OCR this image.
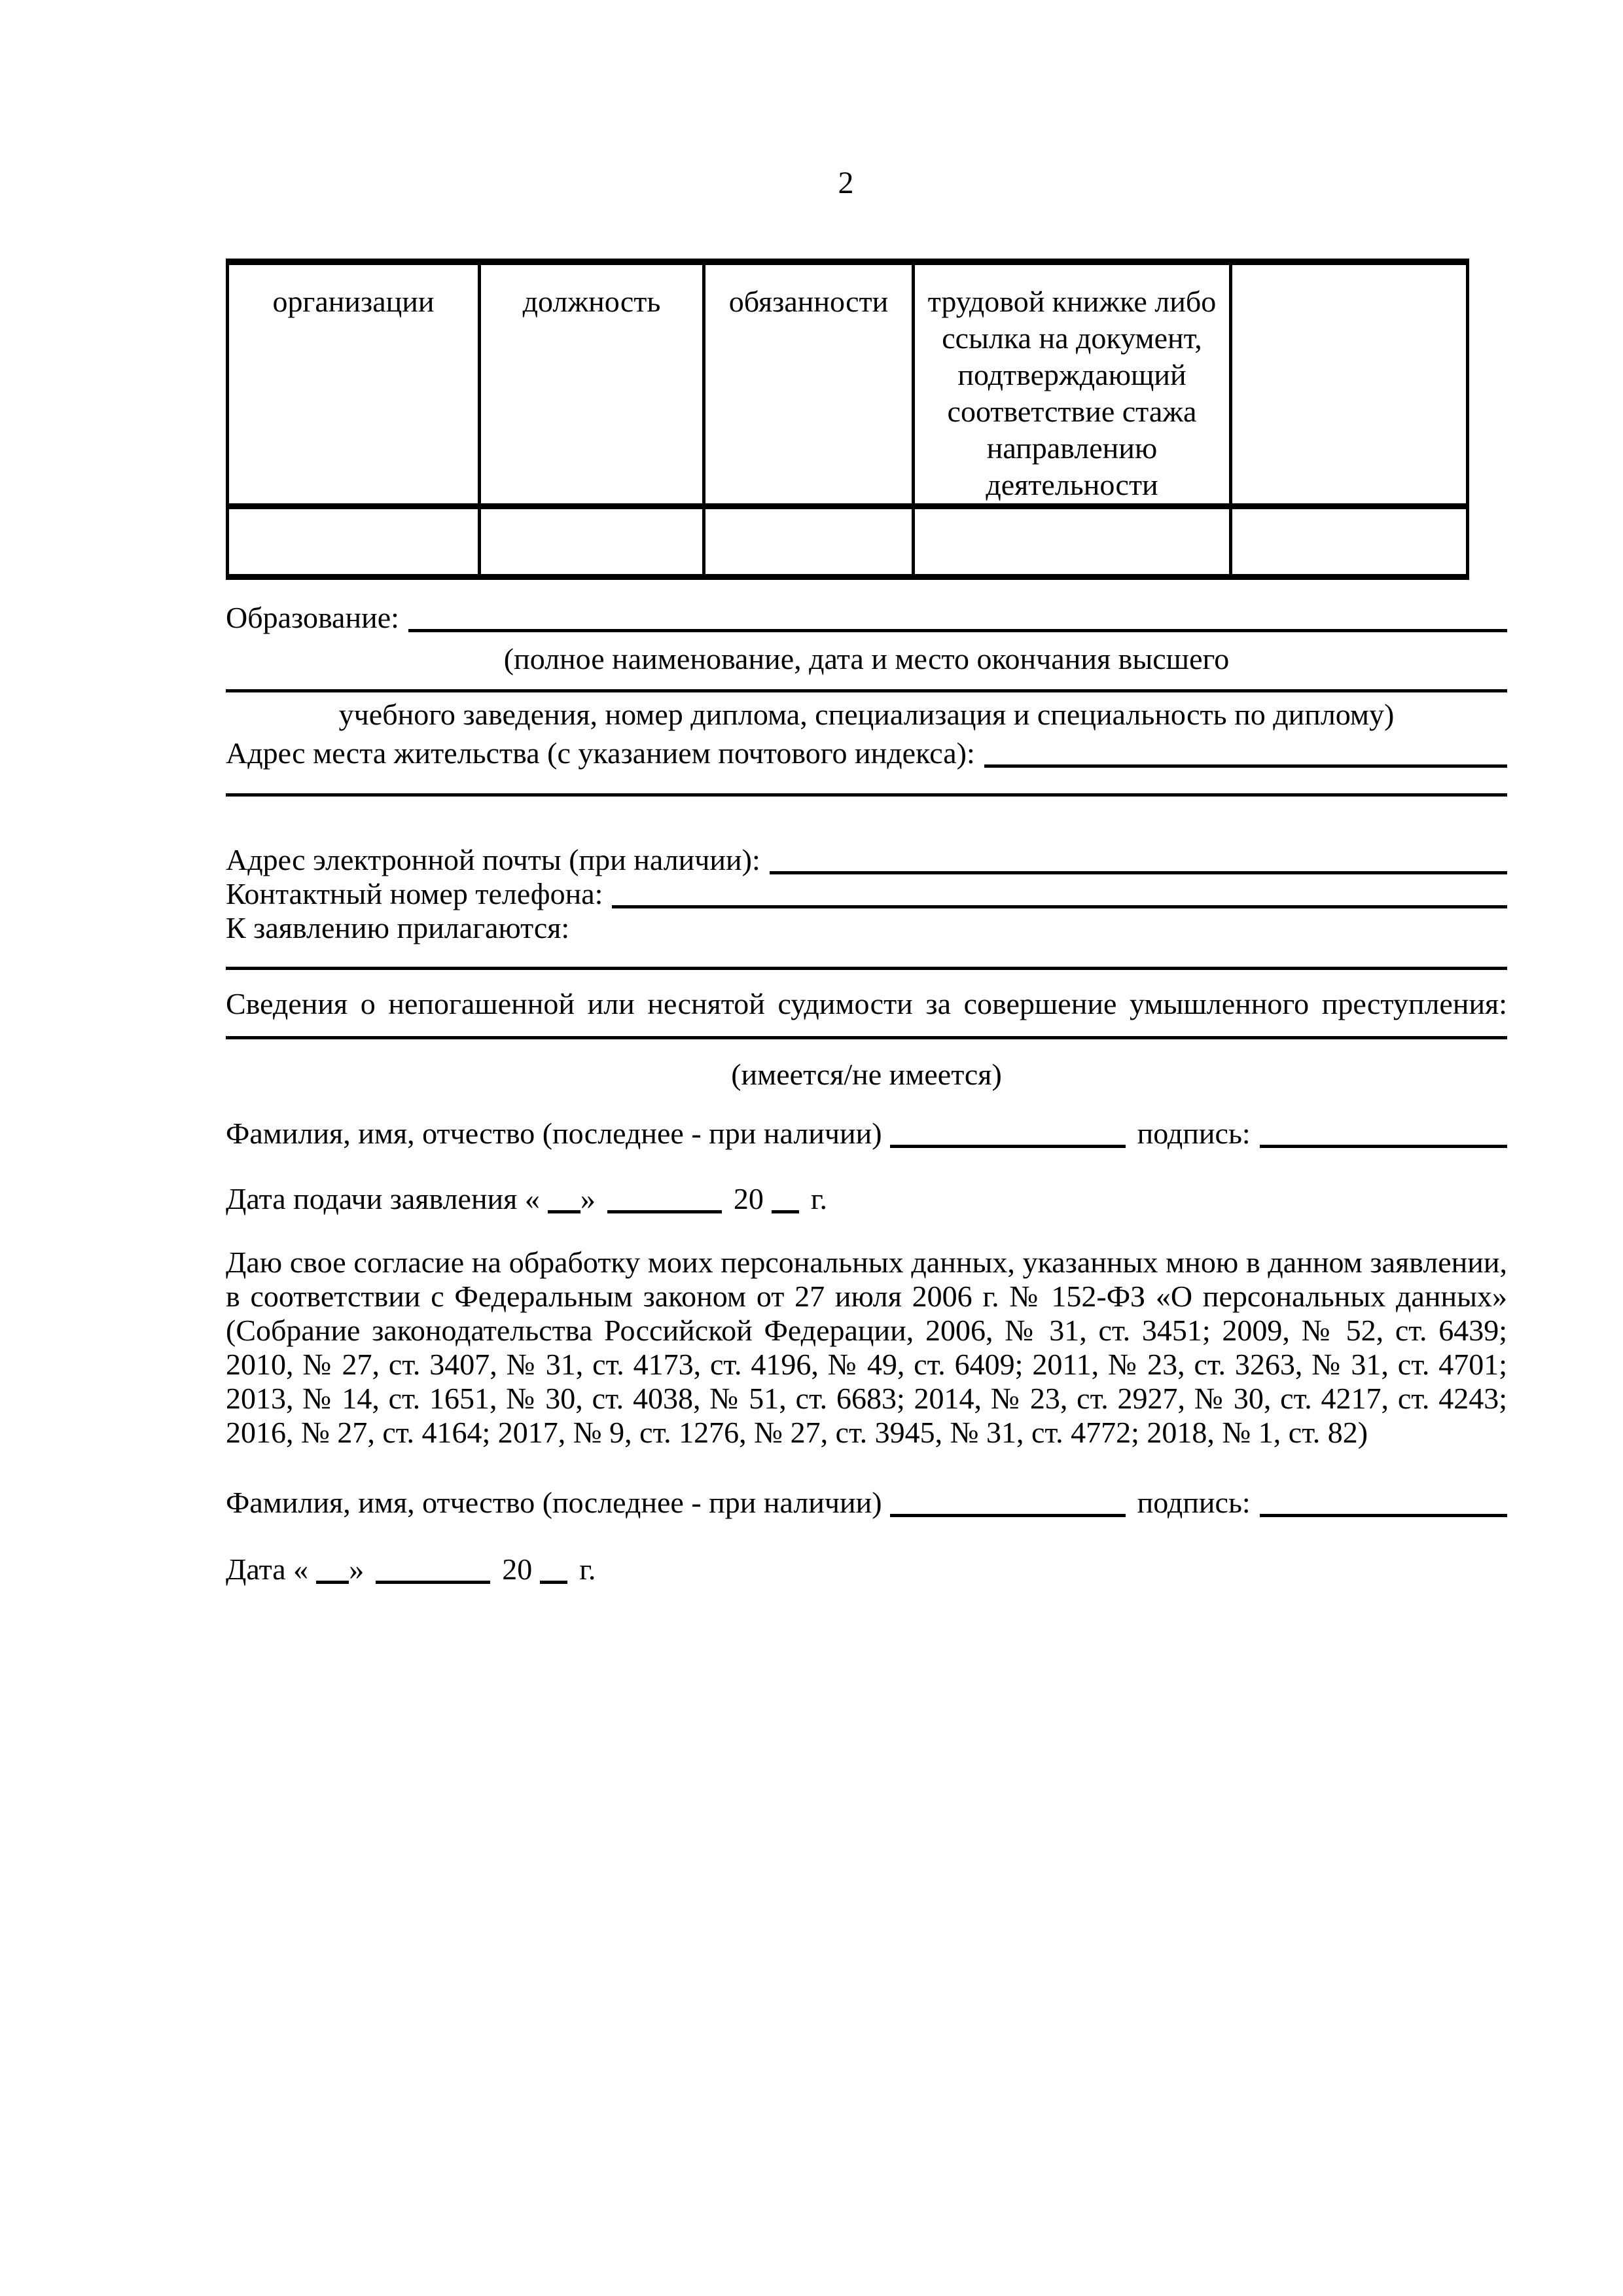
2
организации	должность	обязанности	трудовой книжке либо ссылка на документ, подтверждающий соответствие стажа направлению деятельности	

Образование:
(полное наименование, дата и место окончания высшего
учебного заведения, номер диплома, специализация и специальность по диплому)
Адрес места жительства (с указанием почтового индекса):
Адрес электронной почты (при наличии):
Контактный номер телефона:
К заявлению прилагаются:
Сведения о непогашенной или неснятой судимости за совершение умышленного преступления:
(имеется/не имеется)
Фамилия, имя, отчество (последнее - при наличии)	подпись:
Дата подачи заявления « »	20 г.

Даю свое согласие на обработку моих персональных данных, указанных мною в данном заявлении, в соответствии с Федеральным законом от 27 июля 2006 г. № 152-ФЗ «О персональных данных» (Собрание законодательства Российской Федерации, 2006, № 31, ст. 3451; 2009, № 52, ст. 6439; 2010, № 27, ст. 3407, № 31, ст. 4173, ст. 4196, № 49, ст. 6409; 2011, № 23, ст. 3263, № 31, ст. 4701; 2013, № 14, ст. 1651, № 30, ст. 4038, № 51, ст. 6683; 2014, № 23, ст. 2927, № 30, ст. 4217, ст. 4243; 2016, № 27, ст. 4164; 2017, № 9, ст. 1276, № 27, ст. 3945, № 31, ст. 4772; 2018, № 1, ст. 82)

Фамилия, имя, отчество (последнее - при наличии)	подпись:
Дата « »	20 г.
